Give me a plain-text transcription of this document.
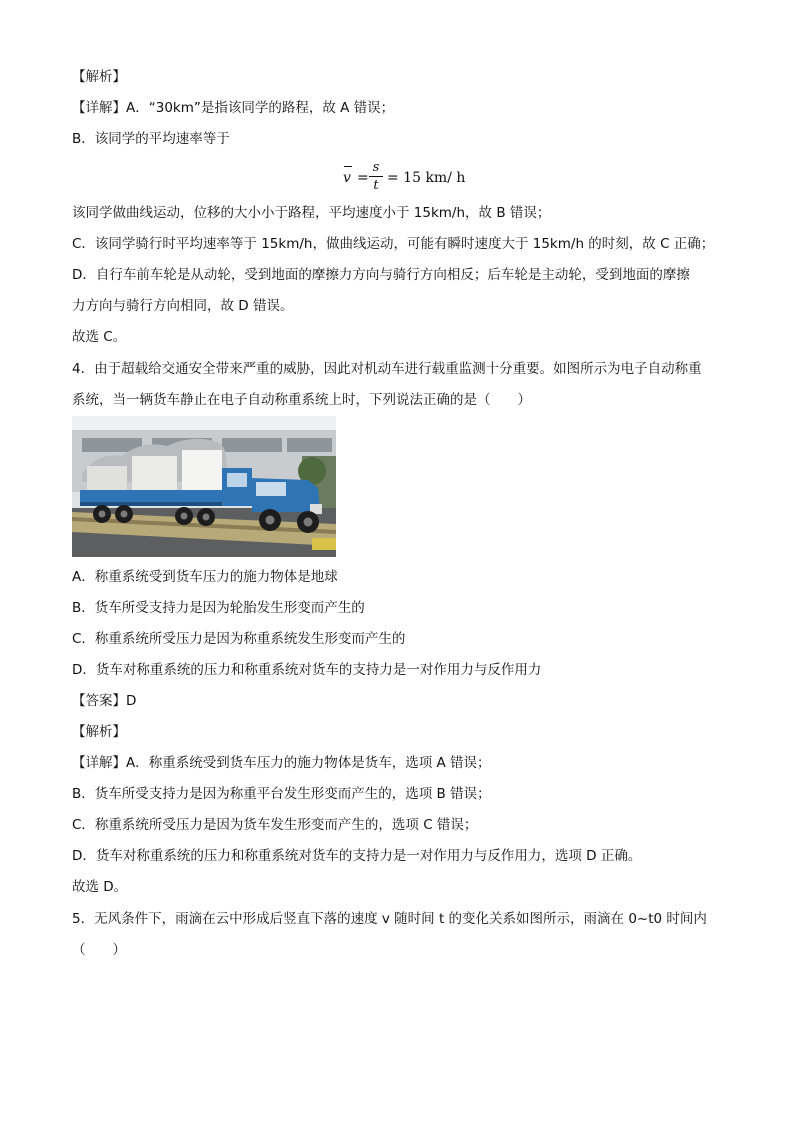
【解析】
【详解】A．“30km”是指该同学的路程，故 A 错误；
B．该同学的平均速率等于
v =
s
t = 15 km/ h
该同学做曲线运动，位移的大小小于路程，平均速度小于 15km/h，故 B 错误；
C．该同学骑行时平均速率等于 15km/h，做曲线运动，可能有瞬时速度大于 15km/h 的时刻，故 C 正确；
D．自行车前车轮是从动轮，受到地面的摩擦力方向与骑行方向相反；后车轮是主动轮，受到地面的摩擦
力方向与骑行方向相同，故 D 错误。
故选 C。
4．由于超载给交通安全带来严重的威胁，因此对机动车进行载重监测十分重要。如图所示为电子自动称重
系统，当一辆货车静止在电子自动称重系统上时，下列说法正确的是（　　）
A．称重系统受到货车压力的施力物体是地球
B．货车所受支持力是因为轮胎发生形变而产生的
C．称重系统所受压力是因为称重系统发生形变而产生的
D．货车对称重系统的压力和称重系统对货车的支持力是一对作用力与反作用力
【答案】D
【解析】
【详解】A．称重系统受到货车压力的施力物体是货车，选项 A 错误；
B．货车所受支持力是因为称重平台发生形变而产生的，选项 B 错误；
C．称重系统所受压力是因为货车发生形变而产生的，选项 C 错误；
D．货车对称重系统的压力和称重系统对货车的支持力是一对作用力与反作用力，选项 D 正确。
故选 D。
5．无风条件下，雨滴在云中形成后竖直下落的速度 v 随时间 t 的变化关系如图所示，雨滴在 0~t0 时间内
（　　）
